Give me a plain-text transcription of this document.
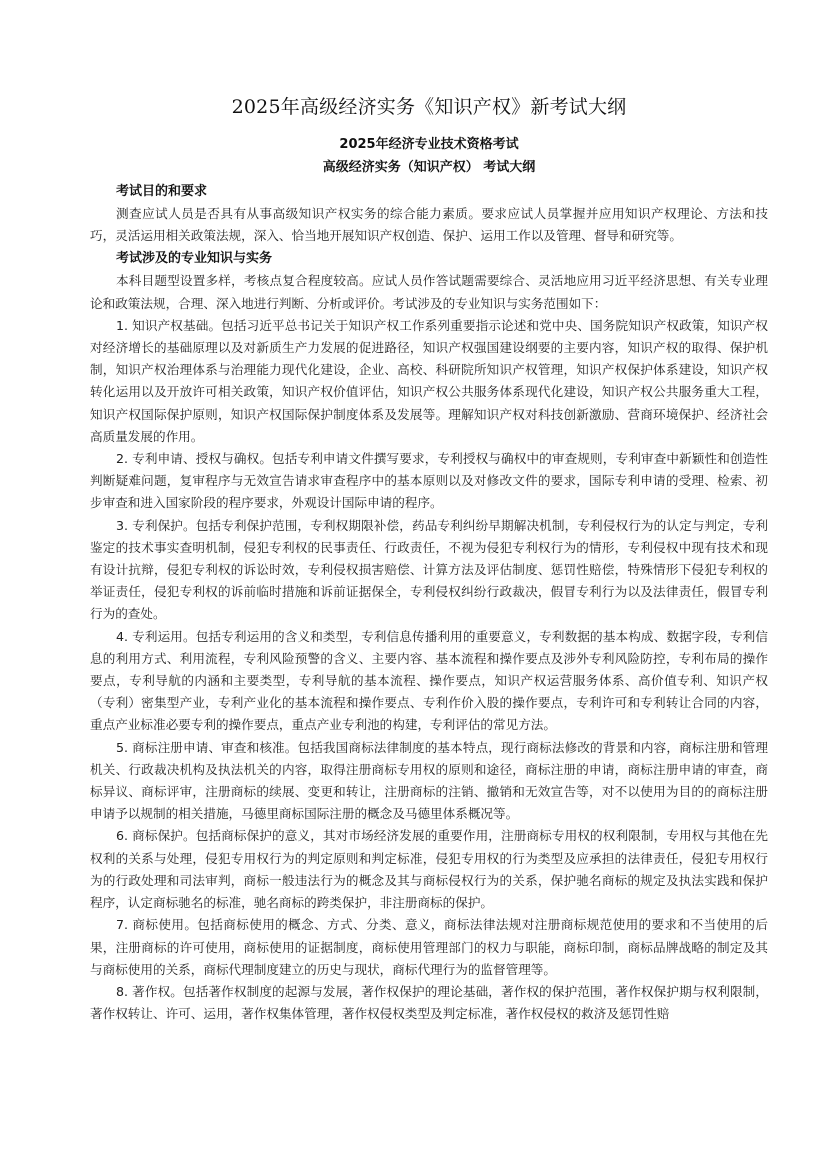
2025年高级经济实务《知识产权》新考试大纲

2025年经济专业技术资格考试

高级经济实务（知识产权） 考试大纲

考试目的和要求

测查应试人员是否具有从事高级知识产权实务的综合能力素质。要求应试人员掌握并应用知识产权理论、方法和技巧，灵活运用相关政策法规，深入、恰当地开展知识产权创造、保护、运用工作以及管理、督导和研究等。

考试涉及的专业知识与实务

本科目题型设置多样，考核点复合程度较高。应试人员作答试题需要综合、灵活地应用习近平经济思想、有关专业理论和政策法规，合理、深入地进行判断、分析或评价。考试涉及的专业知识与实务范围如下：

1. 知识产权基础。包括习近平总书记关于知识产权工作系列重要指示论述和党中央、国务院知识产权政策，知识产权对经济增长的基础原理以及对新质生产力发展的促进路径，知识产权强国建设纲要的主要内容，知识产权的取得、保护机制，知识产权治理体系与治理能力现代化建设，企业、高校、科研院所知识产权管理，知识产权保护体系建设，知识产权转化运用以及开放许可相关政策，知识产权价值评估，知识产权公共服务体系现代化建设，知识产权公共服务重大工程，知识产权国际保护原则，知识产权国际保护制度体系及发展等。理解知识产权对科技创新激励、营商环境保护、经济社会高质量发展的作用。

2. 专利申请、授权与确权。包括专利申请文件撰写要求，专利授权与确权中的审查规则，专利审查中新颖性和创造性判断疑难问题，复审程序与无效宣告请求审查程序中的基本原则以及对修改文件的要求，国际专利申请的受理、检索、初步审查和进入国家阶段的程序要求，外观设计国际申请的程序。

3. 专利保护。包括专利保护范围，专利权期限补偿，药品专利纠纷早期解决机制，专利侵权行为的认定与判定，专利鉴定的技术事实查明机制，侵犯专利权的民事责任、行政责任，不视为侵犯专利权行为的情形，专利侵权中现有技术和现有设计抗辩，侵犯专利权的诉讼时效，专利侵权损害赔偿、计算方法及评估制度、惩罚性赔偿，特殊情形下侵犯专利权的举证责任，侵犯专利权的诉前临时措施和诉前证据保全，专利侵权纠纷行政裁决，假冒专利行为以及法律责任，假冒专利行为的查处。

4. 专利运用。包括专利运用的含义和类型，专利信息传播利用的重要意义，专利数据的基本构成、数据字段，专利信息的利用方式、利用流程，专利风险预警的含义、主要内容、基本流程和操作要点及涉外专利风险防控，专利布局的操作要点，专利导航的内涵和主要类型，专利导航的基本流程、操作要点，知识产权运营服务体系、高价值专利、知识产权（专利）密集型产业，专利产业化的基本流程和操作要点、专利作价入股的操作要点，专利许可和专利转让合同的内容，重点产业标准必要专利的操作要点，重点产业专利池的构建，专利评估的常见方法。

5. 商标注册申请、审查和核准。包括我国商标法律制度的基本特点，现行商标法修改的背景和内容，商标注册和管理机关、行政裁决机构及执法机关的内容，取得注册商标专用权的原则和途径，商标注册的申请，商标注册申请的审查，商标异议、商标评审，注册商标的续展、变更和转让，注册商标的注销、撤销和无效宣告等，对不以使用为目的的商标注册申请予以规制的相关措施，马德里商标国际注册的概念及马德里体系概况等。

6. 商标保护。包括商标保护的意义，其对市场经济发展的重要作用，注册商标专用权的权利限制，专用权与其他在先权利的关系与处理，侵犯专用权行为的判定原则和判定标准，侵犯专用权的行为类型及应承担的法律责任，侵犯专用权行为的行政处理和司法审判，商标一般违法行为的概念及其与商标侵权行为的关系，保护驰名商标的规定及执法实践和保护程序，认定商标驰名的标准，驰名商标的跨类保护，非注册商标的保护。

7. 商标使用。包括商标使用的概念、方式、分类、意义，商标法律法规对注册商标规范使用的要求和不当使用的后果，注册商标的许可使用，商标使用的证据制度，商标使用管理部门的权力与职能，商标印制，商标品牌战略的制定及其与商标使用的关系，商标代理制度建立的历史与现状，商标代理行为的监督管理等。

8. 著作权。包括著作权制度的起源与发展，著作权保护的理论基础，著作权的保护范围，著作权保护期与权利限制，著作权转让、许可、运用，著作权集体管理，著作权侵权类型及判定标准，著作权侵权的救济及惩罚性赔
